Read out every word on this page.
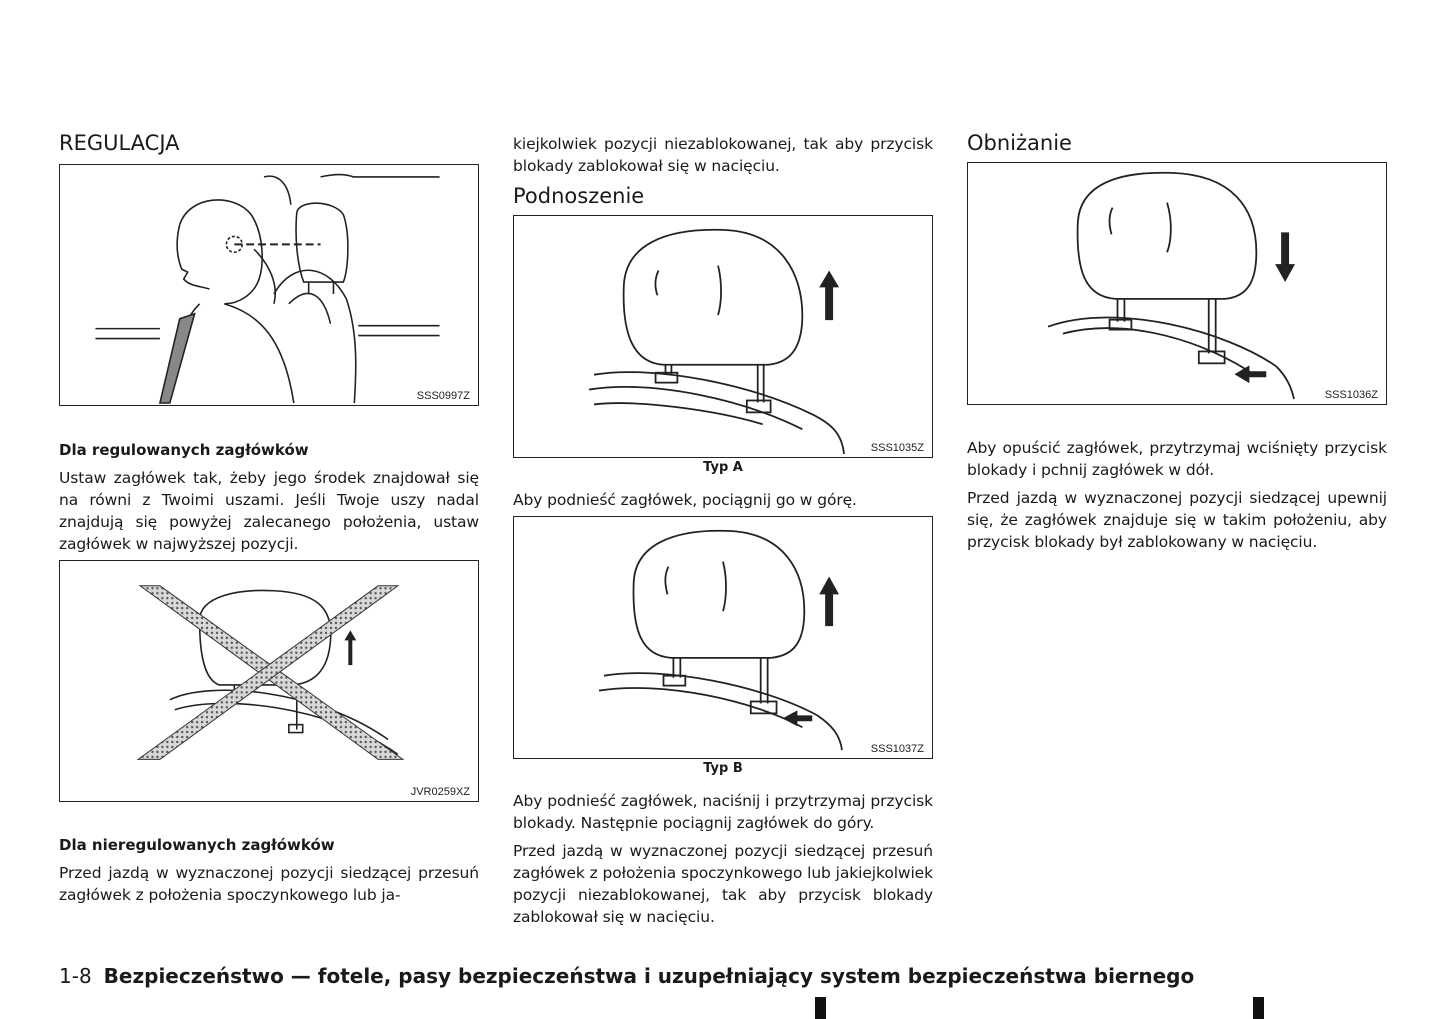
REGULACJA
SSS0997Z
Dla regulowanych zagłówków

Ustaw zagłówek tak, żeby jego środek znajdował się na równi z Twoimi uszami. Jeśli Twoje uszy nadal znajdują się powyżej zalecanego położenia, ustaw zagłówek w najwyższej pozycji.

JVR0259XZ
Dla nieregulowanych zagłówków

Przed jazdą w wyznaczonej pozycji siedzącej przesuń zagłówek z położenia spoczynkowego lub ja-

kiejkolwiek pozycji niezablokowanej, tak aby przycisk blokady zablokował się w nacięciu.

Podnoszenie
SSS1035Z
Typ A

Aby podnieść zagłówek, pociągnij go w górę.

SSS1037Z
Typ B

Aby podnieść zagłówek, naciśnij i przytrzymaj przycisk blokady. Następnie pociągnij zagłówek do góry.

Przed jazdą w wyznaczonej pozycji siedzącej przesuń zagłówek z położenia spoczynkowego lub jakiejkolwiek pozycji niezablokowanej, tak aby przycisk blokady zablokował się w nacięciu.

Obniżanie
SSS1036Z

Aby opuścić zagłówek, przytrzymaj wciśnięty przycisk blokady i pchnij zagłówek w dół.

Przed jazdą w wyznaczonej pozycji siedzącej upewnij się, że zagłówek znajduje się w takim położeniu, aby przycisk blokady był zablokowany w nacięciu.

1-8 Bezpieczeństwo — fotele, pasy bezpieczeństwa i uzupełniający system bezpieczeństwa biernego
